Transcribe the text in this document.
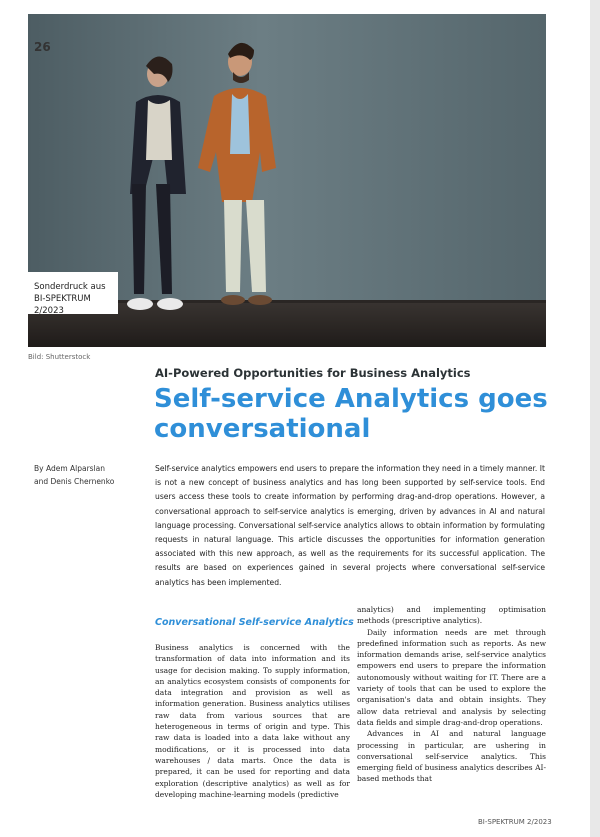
26
Sonderdruck aus
BI-SPEKTRUM 2/2023
Bild: Shutterstock
AI-Powered Opportunities for Business Analytics
Self-service Analytics goes conversational
By Adem Alparslan
and Denis Chernenko
Self-service analytics empowers end users to prepare the information they need in a timely manner. It is not a new concept of business analytics and has long been supported by self-service tools. End users access these tools to create information by performing drag-and-drop operations. However, a conversational approach to self-service analytics is emerging, driven by advances in AI and natural language processing. Conversational self-service analytics allows to obtain information by formulating requests in natural language. This article discusses the opportunities for information generation associated with this new approach, as well as the requirements for its successful application. The results are based on experiences gained in several projects where conversational self-service analytics has been implemented.
Conversational Self-service Analytics

Business analytics is concerned with the transformation of data into information and its usage for decision making. To supply information, an analytics ecosystem consists of components for data integration and provision as well as information generation. Business analytics utilises raw data from various sources that are heterogeneous in terms of origin and type. This raw data is loaded into a data lake without any modifications, or it is processed into data warehouses / data marts. Once the data is prepared, it can be used for reporting and data exploration (descriptive analytics) as well as for developing machine-learning models (predictive

analytics) and implementing optimisation methods (prescriptive analytics).

Daily information needs are met through predefined information such as reports. As new information demands arise, self-service analytics empowers end users to prepare the information autonomously without waiting for IT. There are a variety of tools that can be used to explore the organisation's data and obtain insights. They allow data retrieval and analysis by selecting data fields and simple drag-and-drop operations.

Advances in AI and natural language processing in particular, are ushering in conversational self-service analytics. This emerging field of business analytics describes AI-based methods that

BI-SPEKTRUM 2/2023
